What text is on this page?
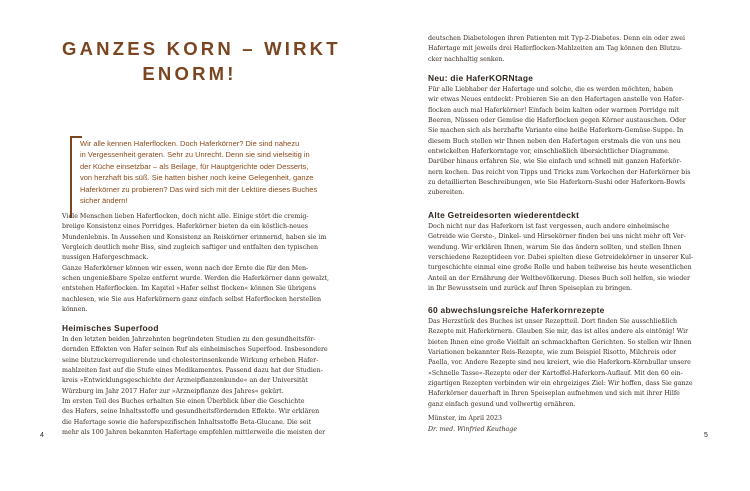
GANZES KORN – WIRKT
ENORM!

Wir alle kennen Haferflocken. Doch Haferkörner? Die sind nahezu
in Vergessenheit geraten. Sehr zu Unrecht. Denn sie sind vielseitig in
der Küche einsetzbar – als Beilage, für Hauptgerichte oder Desserts,
von herzhaft bis süß. Sie hatten bisher noch keine Gelegenheit, ganze
Haferkörner zu probieren? Das wird sich mit der Lektüre dieses Buches
sicher ändern!

Viele Menschen lieben Haferflocken, doch nicht alle. Einige stört die cremig-
breiige Konsistenz eines Porridges. Haferkörner bieten da ein köstlich-neues
Mundenlebnis. In Aussehen und Konsistenz an Reiskörner erinnernd, haben sie im
Vergleich deutlich mehr Biss, sind zugleich saftiger und entfalten den typischen
nussigen Hafergeschmack.
Ganze Haferkörner können wir essen, wenn nach der Ernte die für den Men-
schen ungenießbare Spelze entfernt wurde. Werden die Haferkörner dann gewalzt,
entstehen Haferflocken. Im Kapitel »Hafer selbst flocken« können Sie übrigens
nachlesen, wie Sie aus Haferkörnern ganz einfach selbst Haferflocken herstellen
können.

Heimisches Superfood

In den letzten beiden Jahrzehnten begründeten Studien zu den gesundheitsför-
dernden Effekten von Hafer seinen Ruf als einheimisches Superfood. Insbesondere
seine blutzuckerregulierende und cholesterinsenkende Wirkung erheben Hafer-
mahlzeiten fast auf die Stufe eines Medikamentes. Passend dazu hat der Studien-
kreis »Entwicklungsgeschichte der Arzneipflanzenkunde« an der Universität
Würzburg im Jahr 2017 Hafer zur »Arzneipflanze des Jahres« gekürt.
Im ersten Teil des Buches erhalten Sie einen Überblick über die Geschichte
des Hafers, seine Inhaltsstoffe und gesundheitsfördernden Effekte. Wir erklären
die Hafertage sowie die haferspezifischen Inhaltsstoffe Beta-Glucane. Die seit
mehr als 100 Jahren bekannten Hafertage empfehlen mittlerweile die meisten der

4

deutschen Diabetologen ihren Patienten mit Typ-2-Diabetes. Denn ein oder zwei
Hafertage mit jeweils drei Haferflocken-Mahlzeiten am Tag können den Blutzu-
cker nachhaltig senken.

Neu: die HaferKORNtage

Für alle Liebhaber der Hafertage und solche, die es werden möchten, haben
wir etwas Neues entdeckt: Probieren Sie an den Hafertagen anstelle von Hafer-
flocken auch mal Haferkörner! Einfach beim kalten oder warmen Porridge mit
Beeren, Nüssen oder Gemüse die Haferflocken gegen Körner austauschen. Oder
Sie machen sich als herzhafte Variante eine heiße Haferkorn-Gemüse-Suppe. In
diesem Buch stellen wir Ihnen neben den Hafertagen erstmals die von uns neu
entwickelten Haferkorntage vor, einschließlich übersichtlicher Diagramme.
Darüber hinaus erfahren Sie, wie Sie einfach und schnell mit ganzen Haferkör-
nern kochen. Das reicht von Tipps und Tricks zum Vorkochen der Haferkörner bis
zu detaillierten Beschreibungen, wie Sie Haferkorn-Sushi oder Haferkorn-Bowls
zubereiten.

Alte Getreidesorten wiederentdeckt

Doch nicht nur das Haferkorn ist fast vergessen, auch andere einheimische
Getreide wie Gerste-, Dinkel- und Hirsekörner finden bei uns nicht mehr oft Ver-
wendung. Wir erklären Ihnen, warum Sie das ändern sollten, und stellen Ihnen
verschiedene Rezeptideen vor. Dabei spielten diese Getreidekörner in unserer Kul-
turgeschichte einmal eine große Rolle und haben teilweise bis heute wesentlichen
Anteil an der Ernährung der Weltbevölkerung. Dieses Buch soll helfen, sie wieder
in Ihr Bewusstsein und zurück auf Ihren Speiseplan zu bringen.

60 abwechslungsreiche Haferkornrezepte

Das Herzstück des Buches ist unser Rezeptteil. Dort finden Sie ausschließlich
Rezepte mit Haferkörnern. Glauben Sie mir, das ist alles andere als eintönig! Wir
bieten Ihnen eine große Vielfalt an schmackhaften Gerichten. So stellen wir Ihnen
Variationen bekannter Reis-Rezepte, wie zum Beispiel Risotto, Milchreis oder
Paella, vor. Andere Rezepte sind neu kreiert, wie die Haferkorn-Körnbullar unsere
»Schnelle Tasse«-Rezepte oder der Kartoffel-Haferkorn-Auflauf. Mit den 60 ein-
zigartigen Rezepten verbinden wir ein ehrgeiziges Ziel: Wir hoffen, dass Sie ganze
Haferkörner dauerhaft in Ihren Speiseplan aufnehmen und sich mit ihrer Hilfe
ganz einfach gesund und vollwertig ernähren.

Münster, im April 2023

Dr. med. Winfried Keuthage

5
